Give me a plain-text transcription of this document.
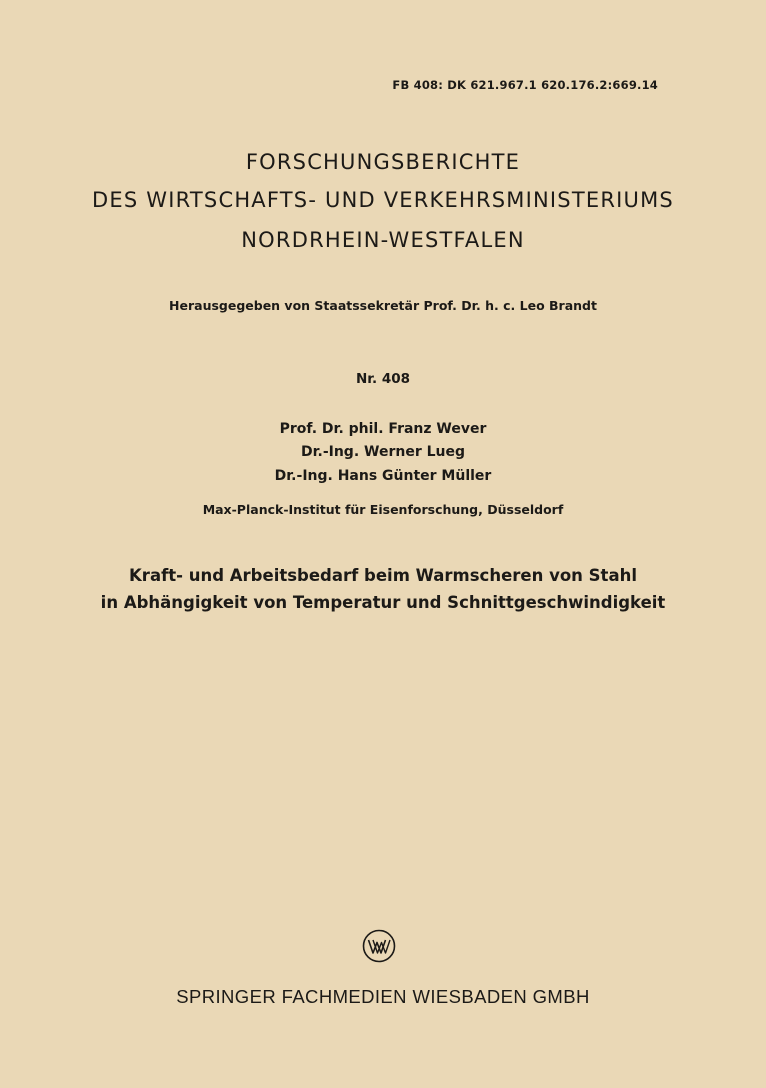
FB 408: DK 621.967.1 620.176.2:669.14
FORSCHUNGSBERICHTE
DES WIRTSCHAFTS- UND VERKEHRSMINISTERIUMS
NORDRHEIN-WESTFALEN
Herausgegeben von Staatssekretär Prof. Dr. h. c. Leo Brandt
Nr. 408
Prof. Dr. phil. Franz Wever
Dr.-Ing. Werner Lueg
Dr.-Ing. Hans Günter Müller
Max-Planck-Institut für Eisenforschung, Düsseldorf
Kraft- und Arbeitsbedarf beim Warmscheren von Stahl
in Abhängigkeit von Temperatur und Schnittgeschwindigkeit
SPRINGER FACHMEDIEN WIESBADEN GMBH
